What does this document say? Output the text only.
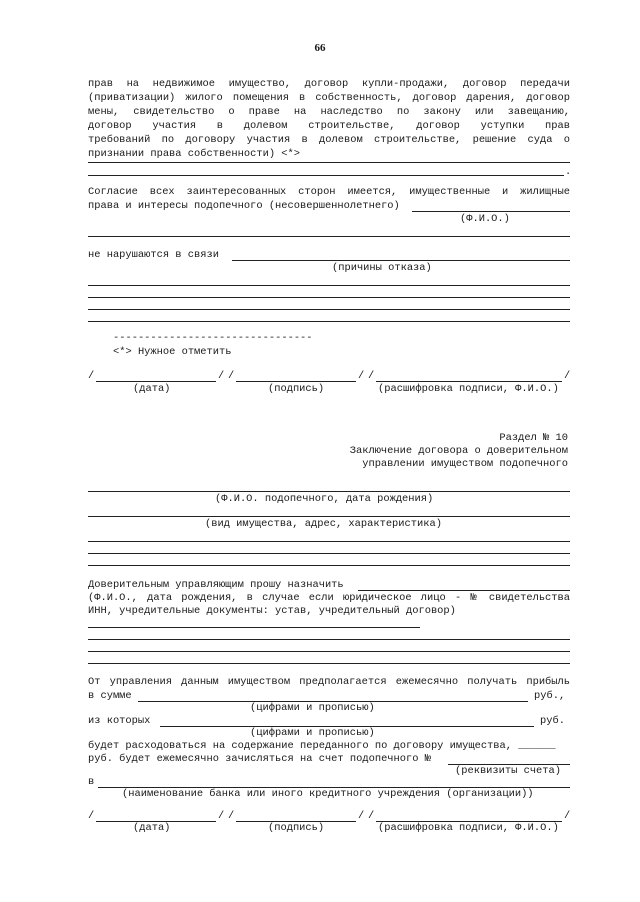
66
прав на недвижимое имущество, договор купли-продажи, договор передачи
(приватизации) жилого помещения в собственность, договор дарения, договор
мены, свидетельство о праве на наследство по закону или завещанию,
договор участия в долевом строительстве, договор уступки прав
требований по договору участия в долевом строительстве, решение суда о
признании права собственности) <*>
.
Согласие всех заинтересованных сторон имеется, имущественные и жилищные
права и интересы подопечного (несовершеннолетнего)
(Ф.И.О.)
не нарушаются в связи
(причины отказа)
--------------------------------
<*> Нужное отметить
/	/ /	/ /	/
(дата)	(подпись)	(расшифровка подписи, Ф.И.О.)
Раздел № 10
Заключение договора о доверительном
управлении имуществом подопечного
(Ф.И.О. подопечного, дата рождения)
(вид имущества, адрес, характеристика)
Доверительным управляющим прошу назначить
(Ф.И.О., дата рождения, в случае если юридическое лицо - № свидетельства
ИНН, учредительные документы: устав, учредительный договор)
От управления данным имуществом предполагается ежемесячно получать прибыль
в сумме	руб.,
(цифрами и прописью)
из которых	руб.
(цифрами и прописью)
будет расходоваться на содержание переданного по договору имущества, ______
руб. будет ежемесячно зачисляться на счет подопечного №
(реквизиты счета)
в
(наименование банка или иного кредитного учреждения (организации))
/	/ /	/ /	/
(дата)	(подпись)	(расшифровка подписи, Ф.И.О.)
